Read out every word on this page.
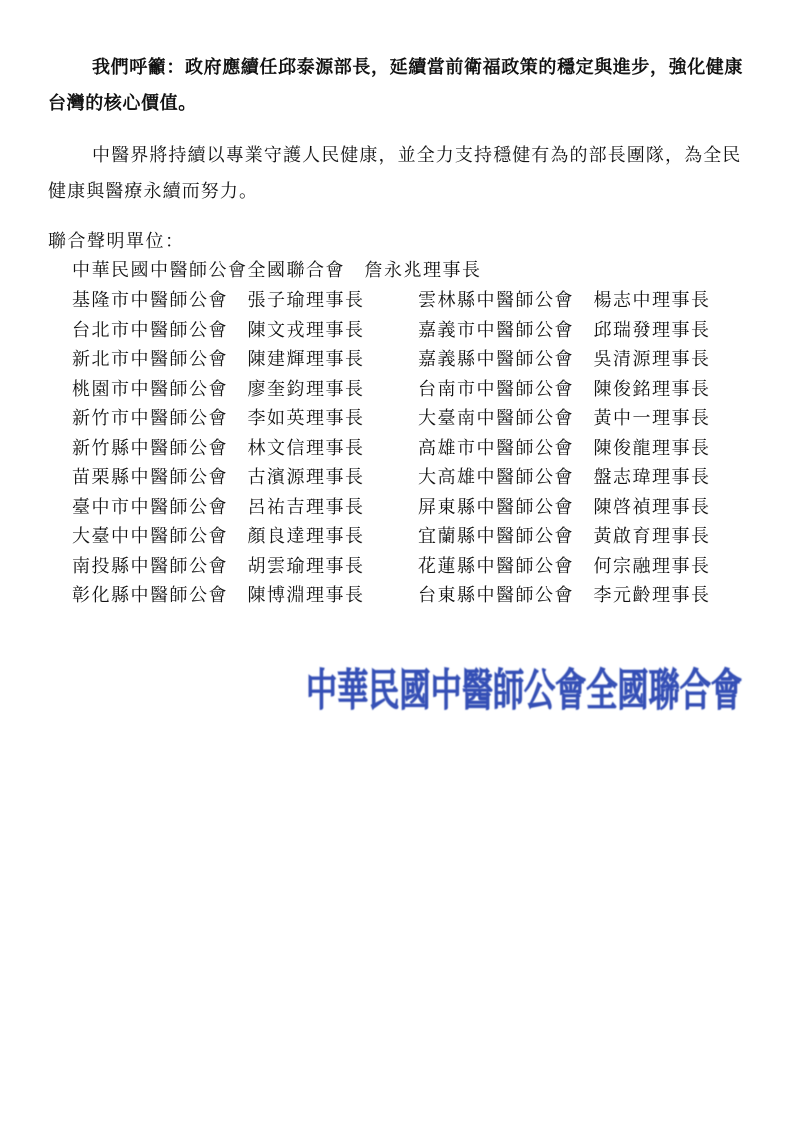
我們呼籲：政府應續任邱泰源部長，延續當前衛福政策的穩定與進步，強化健康台灣的核心價值。

中醫界將持續以專業守護人民健康，並全力支持穩健有為的部長團隊，為全民健康與醫療永續而努力。

聯合聲明單位：
中華民國中醫師公會全國聯合會　詹永兆理事長
基隆市中醫師公會　張子瑜理事長	雲林縣中醫師公會　楊志中理事長
台北市中醫師公會　陳文戎理事長	嘉義市中醫師公會　邱瑞發理事長
新北市中醫師公會　陳建輝理事長	嘉義縣中醫師公會　吳清源理事長
桃園市中醫師公會　廖奎鈞理事長	台南市中醫師公會　陳俊銘理事長
新竹市中醫師公會　李如英理事長	大臺南中醫師公會　黃中一理事長
新竹縣中醫師公會　林文信理事長	高雄市中醫師公會　陳俊龍理事長
苗栗縣中醫師公會　古濱源理事長	大高雄中醫師公會　盤志瑋理事長
臺中市中醫師公會　呂祐吉理事長	屏東縣中醫師公會　陳啓禎理事長
大臺中中醫師公會　顏良達理事長	宜蘭縣中醫師公會　黃啟育理事長
南投縣中醫師公會　胡雲瑜理事長	花蓮縣中醫師公會　何宗融理事長
彰化縣中醫師公會　陳博淵理事長	台東縣中醫師公會　李元齡理事長
中華民國中醫師公會全國聯合會
